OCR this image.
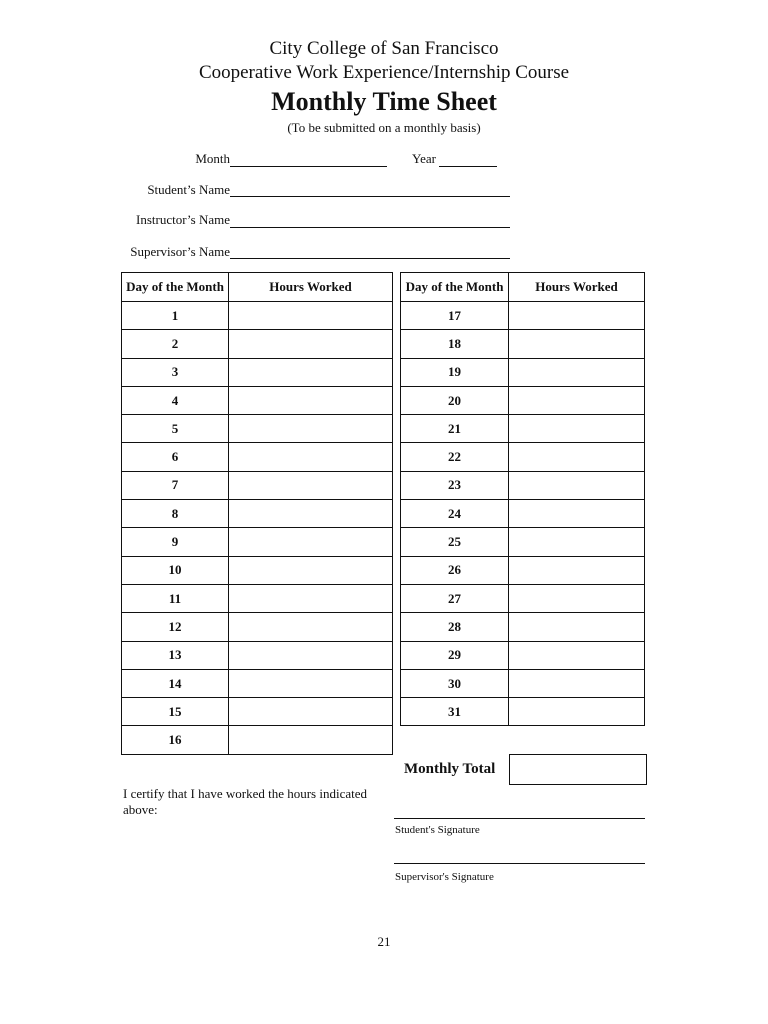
City College of San Francisco
Cooperative Work Experience/Internship Course
Monthly Time Sheet
(To be submitted on a monthly basis)
Month	Year
Student’s Name
Instructor’s Name
Supervisor’s Name
Day of the Month	Hours Worked
1	
2	
3	
4	
5	
6	
7	
8	
9	
10	
11	
12	
13	
14	
15	
16	
Day of the Month	Hours Worked
17	
18	
19	
20	
21	
22	
23	
24	
25	
26	
27	
28	
29	
30	
31	
Monthly Total
I certify that I have worked the hours indicated above:
Student's Signature
Supervisor's Signature
21
